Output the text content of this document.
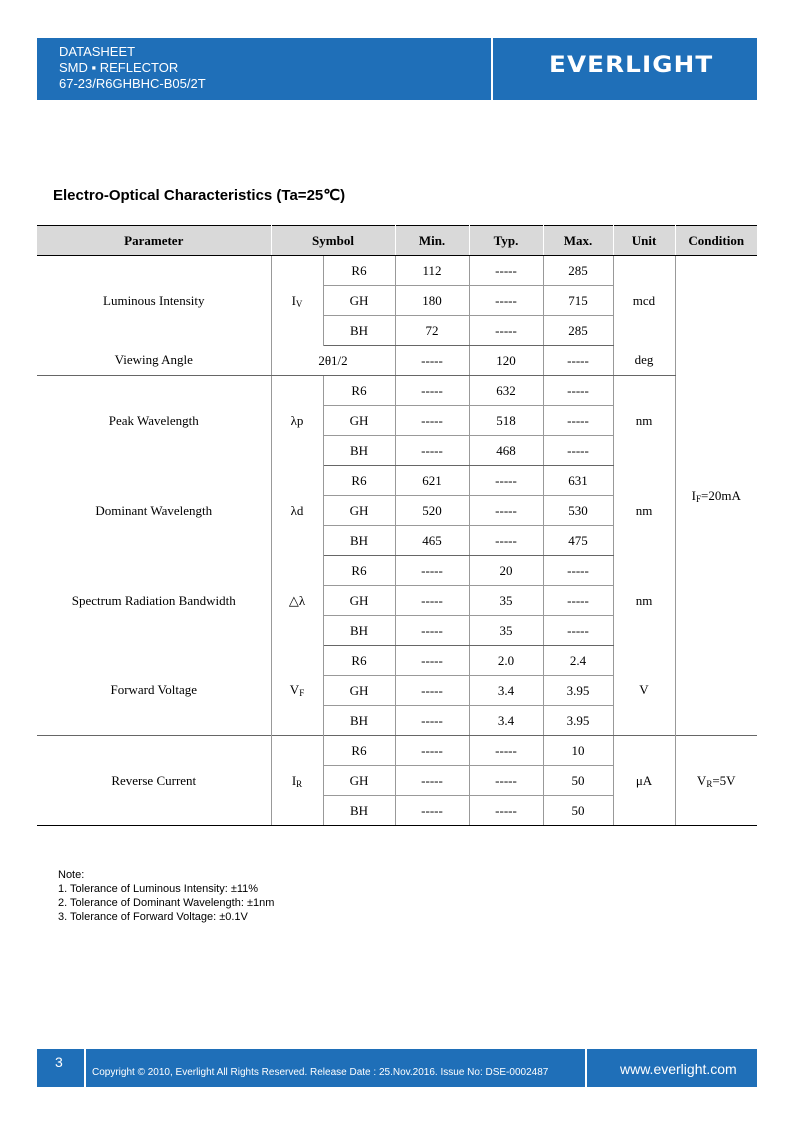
DATASHEET
SMD ▪ REFLECTOR
67-23/R6GHBHC-B05/2T
EVERLIGHT
Electro-Optical Characteristics (Ta=25℃)
Parameter	Symbol		Min.	Typ.	Max.	Unit	Condition
Luminous Intensity	$I_V$	R6	112	-----	285	mcd	$I_F=20mA$
		GH	180	-----	715		
		BH	72	-----	285		
Viewing Angle	2θ1/2		-----	120	-----	deg	
Peak Wavelength	λp	R6	-----	632	-----	nm	
		GH	-----	518	-----		
		BH	-----	468	-----		
Dominant Wavelength	λd	R6	621	-----	631	nm	
		GH	520	-----	530		
		BH	465	-----	475		
Spectrum Radiation Bandwidth	△λ	R6	-----	20	-----	nm	
		GH	-----	35	-----		
		BH	-----	35	-----		
Forward Voltage	$V_F$	R6	-----	2.0	2.4	V	
		GH	-----	3.4	3.95		
		BH	-----	3.4	3.95		
Reverse Current	$I_R$	R6	-----	-----	10	μA	$V_R=5V$
		GH	-----	-----	50		
		BH	-----	-----	50		
Note:
1. Tolerance of Luminous Intensity: ±11%
2. Tolerance of Dominant Wavelength: ±1nm
3. Tolerance of Forward Voltage: ±0.1V
3
Copyright © 2010, Everlight All Rights Reserved. Release Date : 25.Nov.2016. Issue No: DSE-0002487	www.everlight.com
